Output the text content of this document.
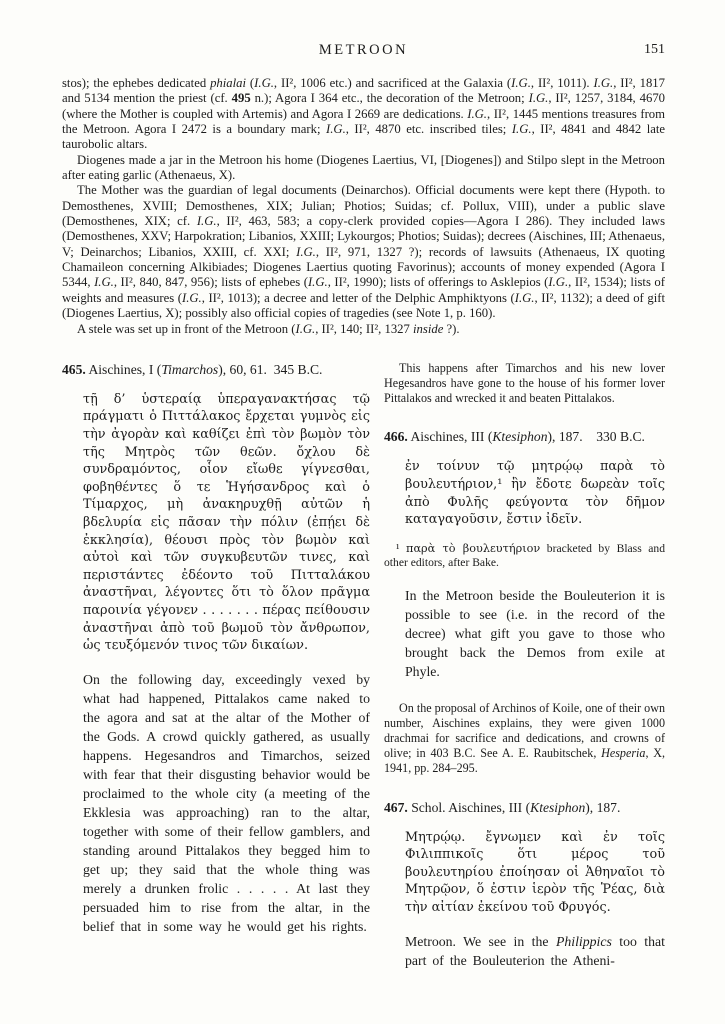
METROON	151

stos); the ephebes dedicated phialai (I.G., II², 1006 etc.) and sacrificed at the Galaxia (I.G., II², 1011). I.G., II², 1817 and 5134 mention the priest (cf. 495 n.); Agora I 364 etc., the decoration of the Metroon; I.G., II², 1257, 3184, 4670 (where the Mother is coupled with Artemis) and Agora I 2669 are dedications. I.G., II², 1445 mentions treasures from the Metroon. Agora I 2472 is a boundary mark; I.G., II², 4870 etc. inscribed tiles; I.G., II², 4841 and 4842 late taurobolic altars.

Diogenes made a jar in the Metroon his home (Diogenes Laertius, VI, [Diogenes]) and Stilpo slept in the Metroon after eating garlic (Athenaeus, X).

The Mother was the guardian of legal documents (Deinarchos). Official documents were kept there (Hypoth. to Demosthenes, XVIII; Demosthenes, XIX; Julian; Photios; Suidas; cf. Pollux, VIII), under a public slave (Demosthenes, XIX; cf. I.G., II², 463, 583; a copy-clerk provided copies—Agora I 286). They included laws (Demosthenes, XXV; Harpokration; Libanios, XXIII; Lykourgos; Photios; Suidas); decrees (Aischines, III; Athenaeus, V; Deinarchos; Libanios, XXIII, cf. XXI; I.G., II², 971, 1327 ?); records of lawsuits (Athenaeus, IX quoting Chamaileon concerning Alkibiades; Diogenes Laertius quoting Favorinus); accounts of money expended (Agora I 5344, I.G., II², 840, 847, 956); lists of ephebes (I.G., II², 1990); lists of offerings to Asklepios (I.G., II², 1534); lists of weights and measures (I.G., II², 1013); a decree and letter of the Delphic Amphiktyons (I.G., II², 1132); a deed of gift (Diogenes Laertius, X); possibly also official copies of tragedies (see Note 1, p. 160).

A stele was set up in front of the Metroon (I.G., II², 140; II², 1327 inside ?).

465. Aischines, I (Timarchos), 60, 61. 345 B.C.

τῇ δ’ ὑστεραίᾳ ὑπεραγανακτήσας τῷ πράγματι ὁ Πιττάλακος ἔρχεται γυμνὸς εἰς τὴν ἀγορὰν καὶ καθίζει ἐπὶ τὸν βωμὸν τὸν τῆς Μητρὸς τῶν θεῶν. ὄχλου δὲ συνδραμόντος, οἷον εἴωθε γίγνεσθαι, φοβηθέντες ὅ τε Ἡγήσανδρος καὶ ὁ Τίμαρχος, μὴ ἀνακηρυχθῇ αὐτῶν ἡ βδελυρία εἰς πᾶσαν τὴν πόλιν (ἐπῄει δὲ ἐκκλησία), θέουσι πρὸς τὸν βωμὸν καὶ αὐτοὶ καὶ τῶν συγκυβευτῶν τινες, καὶ περιστάντες ἐδέοντο τοῦ Πιτταλάκου ἀναστῆναι, λέγοντες ὅτι τὸ ὅλον πρᾶγμα παροινία γέγονεν . . . . . . . πέρας πείθουσιν ἀναστῆναι ἀπὸ τοῦ βωμοῦ τὸν ἄνθρωπον, ὡς τευξόμενόν τινος τῶν δικαίων.

On the following day, exceedingly vexed by what had happened, Pittalakos came naked to the agora and sat at the altar of the Mother of the Gods. A crowd quickly gathered, as usually happens. Hegesandros and Timarchos, seized with fear that their disgusting behavior would be proclaimed to the whole city (a meeting of the Ekklesia was approaching) ran to the altar, together with some of their fellow gamblers, and standing around Pittalakos they begged him to get up; they said that the whole thing was merely a drunken frolic . . . . . At last they persuaded him to rise from the altar, in the belief that in some way he would get his rights.

This happens after Timarchos and his new lover Hegesandros have gone to the house of his former lover Pittalakos and wrecked it and beaten Pittalakos.

466. Aischines, III (Ktesiphon), 187.  330 B.C.

ἐν τοίνυν τῷ μητρῴῳ παρὰ τὸ βουλευτήριον,¹ ἣν ἔδοτε δωρεὰν τοῖς ἀπὸ Φυλῆς φεύγοντα τὸν δῆμον καταγαγοῦσιν, ἔστιν ἰδεῖν.

¹ παρὰ τὸ βουλευτήριον bracketed by Blass and other editors, after Bake.

In the Metroon beside the Bouleuterion it is possible to see (i.e. in the record of the decree) what gift you gave to those who brought back the Demos from exile at Phyle.

On the proposal of Archinos of Koile, one of their own number, Aischines explains, they were given 1000 drachmai for sacrifice and dedications, and crowns of olive; in 403 B.C. See A. E. Raubitschek, Hesperia, X, 1941, pp. 284–295.

467. Schol. Aischines, III (Ktesiphon), 187.

Μητρῴῳ. ἔγνωμεν καὶ ἐν τοῖς Φιλιππικοῖς ὅτι μέρος τοῦ βουλευτηρίου ἐποίησαν οἱ Ἀθηναῖοι τὸ Μητρῷον, ὅ ἐστιν ἱερὸν τῆς Ῥέας, διὰ τὴν αἰτίαν ἐκείνου τοῦ Φρυγός.

Metroon. We see in the Philippics too that part of the Bouleuterion the Atheni-
